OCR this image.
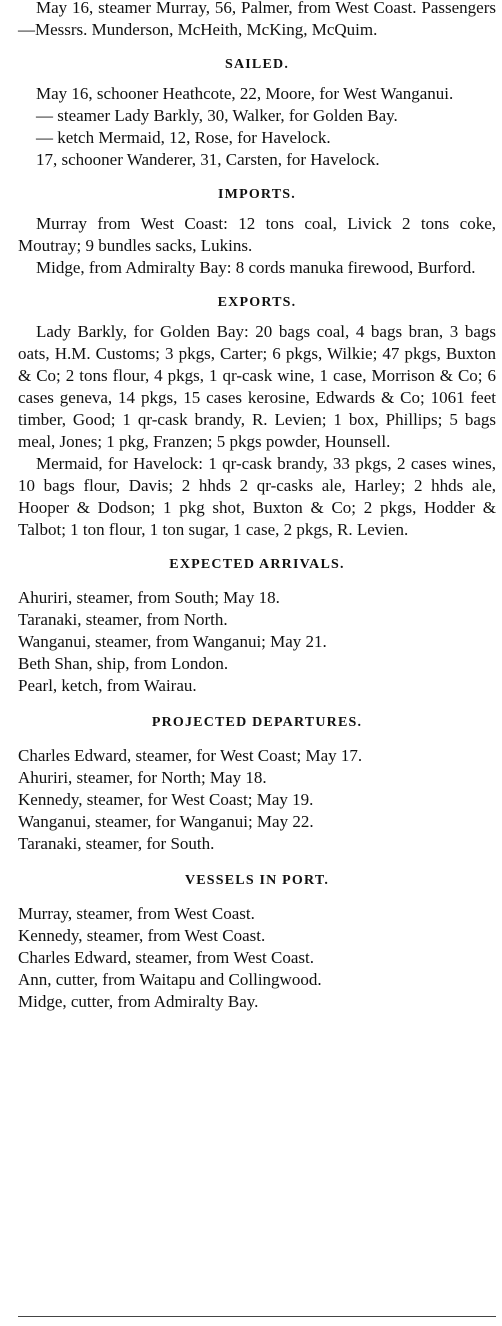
May 16, steamer Murray, 56, Palmer, from West Coast. Passengers—Messrs. Munderson, McHeith, McKing, McQuim.

SAILED.

May 16, schooner Heathcote, 22, Moore, for West Wanganui.

— steamer Lady Barkly, 30, Walker, for Golden Bay.

— ketch Mermaid, 12, Rose, for Havelock.

17, schooner Wanderer, 31, Carsten, for Havelock.

IMPORTS.

Murray from West Coast: 12 tons coal, Livick 2 tons coke, Moutray; 9 bundles sacks, Lukins.

Midge, from Admiralty Bay: 8 cords manuka firewood, Burford.

EXPORTS.

Lady Barkly, for Golden Bay: 20 bags coal, 4 bags bran, 3 bags oats, H.M. Customs; 3 pkgs, Carter; 6 pkgs, Wilkie; 47 pkgs, Buxton & Co; 2 tons flour, 4 pkgs, 1 qr-cask wine, 1 case, Morrison & Co; 6 cases geneva, 14 pkgs, 15 cases kerosine, Edwards & Co; 1061 feet timber, Good; 1 qr-cask brandy, R. Levien; 1 box, Phillips; 5 bags meal, Jones; 1 pkg, Franzen; 5 pkgs powder, Hounsell.

Mermaid, for Havelock: 1 qr-cask brandy, 33 pkgs, 2 cases wines, 10 bags flour, Davis; 2 hhds 2 qr-casks ale, Harley; 2 hhds ale, Hooper & Dodson; 1 pkg shot, Buxton & Co; 2 pkgs, Hodder & Talbot; 1 ton flour, 1 ton sugar, 1 case, 2 pkgs, R. Levien.

EXPECTED ARRIVALS.
Ahuriri, steamer, from South; May 18.
Taranaki, steamer, from North.
Wanganui, steamer, from Wanganui; May 21.
Beth Shan, ship, from London.
Pearl, ketch, from Wairau.
PROJECTED DEPARTURES.
Charles Edward, steamer, for West Coast; May 17.
Ahuriri, steamer, for North; May 18.
Kennedy, steamer, for West Coast; May 19.
Wanganui, steamer, for Wanganui; May 22.
Taranaki, steamer, for South.
VESSELS IN PORT.
Murray, steamer, from West Coast.
Kennedy, steamer, from West Coast.
Charles Edward, steamer, from West Coast.
Ann, cutter, from Waitapu and Collingwood.
Midge, cutter, from Admiralty Bay.
